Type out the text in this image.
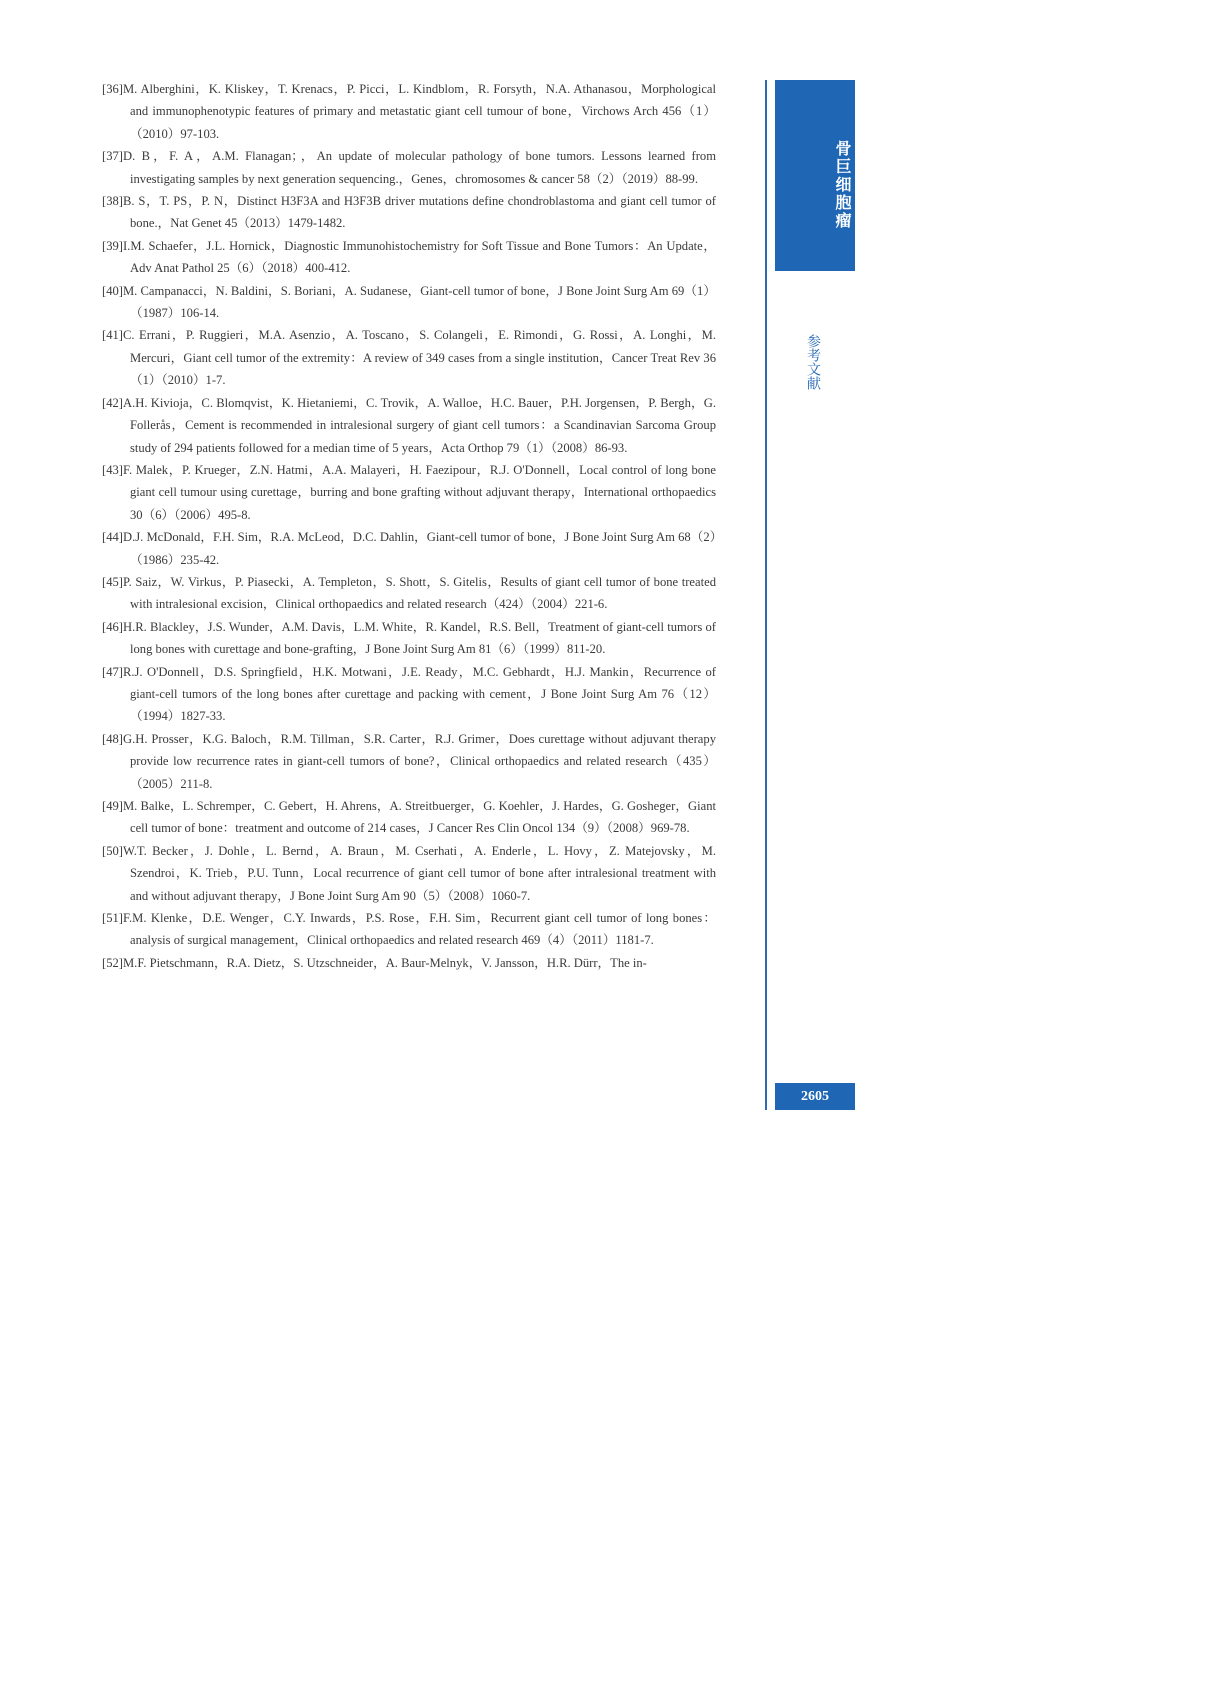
[36]M. Alberghini，K. Kliskey，T. Krenacs，P. Picci，L. Kindblom，R. Forsyth，N.A. Athanasou，Morphological and immunophenotypic features of primary and metastatic giant cell tumour of bone，Virchows Arch 456（1）（2010）97-103.

[37]D. B，F. A，A.M. Flanagan；，An update of molecular pathology of bone tumors. Lessons learned from investigating samples by next generation sequencing.，Genes，chromosomes & cancer 58（2）（2019）88-99.

[38]B. S，T. PS，P. N，Distinct H3F3A and H3F3B driver mutations define chondroblastoma and giant cell tumor of bone.，Nat Genet 45（2013）1479-1482.

[39]I.M. Schaefer，J.L. Hornick，Diagnostic Immunohistochemistry for Soft Tissue and Bone Tumors：An Update，Adv Anat Pathol 25（6）（2018）400-412.

[40]M. Campanacci，N. Baldini，S. Boriani，A. Sudanese，Giant-cell tumor of bone，J Bone Joint Surg Am 69（1）（1987）106-14.

[41]C. Errani，P. Ruggieri，M.A. Asenzio，A. Toscano，S. Colangeli，E. Rimondi，G. Rossi，A. Longhi，M. Mercuri，Giant cell tumor of the extremity：A review of 349 cases from a single institution，Cancer Treat Rev 36（1）（2010）1-7.

[42]A.H. Kivioja，C. Blomqvist，K. Hietaniemi，C. Trovik，A. Walloe，H.C. Bauer，P.H. Jorgensen，P. Bergh，G. Follerås，Cement is recommended in intralesional surgery of giant cell tumors：a Scandinavian Sarcoma Group study of 294 patients followed for a median time of 5 years，Acta Orthop 79（1）（2008）86-93.

[43]F. Malek，P. Krueger，Z.N. Hatmi，A.A. Malayeri，H. Faezipour，R.J. O'Donnell，Local control of long bone giant cell tumour using curettage，burring and bone grafting without adjuvant therapy，International orthopaedics 30（6）（2006）495-8.

[44]D.J. McDonald，F.H. Sim，R.A. McLeod，D.C. Dahlin，Giant-cell tumor of bone，J Bone Joint Surg Am 68（2）（1986）235-42.

[45]P. Saiz，W. Virkus，P. Piasecki，A. Templeton，S. Shott，S. Gitelis，Results of giant cell tumor of bone treated with intralesional excision，Clinical orthopaedics and related research（424）（2004）221-6.

[46]H.R. Blackley，J.S. Wunder，A.M. Davis，L.M. White，R. Kandel，R.S. Bell，Treatment of giant-cell tumors of long bones with curettage and bone-grafting，J Bone Joint Surg Am 81（6）（1999）811-20.

[47]R.J. O'Donnell，D.S. Springfield，H.K. Motwani，J.E. Ready，M.C. Gebhardt，H.J. Mankin，Recurrence of giant-cell tumors of the long bones after curettage and packing with cement，J Bone Joint Surg Am 76（12）（1994）1827-33.

[48]G.H. Prosser，K.G. Baloch，R.M. Tillman，S.R. Carter，R.J. Grimer，Does curettage without adjuvant therapy provide low recurrence rates in giant-cell tumors of bone?，Clinical orthopaedics and related research（435）（2005）211-8.

[49]M. Balke，L. Schremper，C. Gebert，H. Ahrens，A. Streitbuerger，G. Koehler，J. Hardes，G. Gosheger，Giant cell tumor of bone：treatment and outcome of 214 cases，J Cancer Res Clin Oncol 134（9）（2008）969-78.

[50]W.T. Becker，J. Dohle，L. Bernd，A. Braun，M. Cserhati，A. Enderle，L. Hovy，Z. Matejovsky，M. Szendroi，K. Trieb，P.U. Tunn，Local recurrence of giant cell tumor of bone after intralesional treatment with and without adjuvant therapy，J Bone Joint Surg Am 90（5）（2008）1060-7.

[51]F.M. Klenke，D.E. Wenger，C.Y. Inwards，P.S. Rose，F.H. Sim，Recurrent giant cell tumor of long bones：analysis of surgical management，Clinical orthopaedics and related research 469（4）（2011）1181-7.

[52]M.F. Pietschmann，R.A. Dietz，S. Utzschneider，A. Baur-Melnyk，V. Jansson，H.R. Dürr，The in-

骨巨细胞瘤
参考文献
2605
